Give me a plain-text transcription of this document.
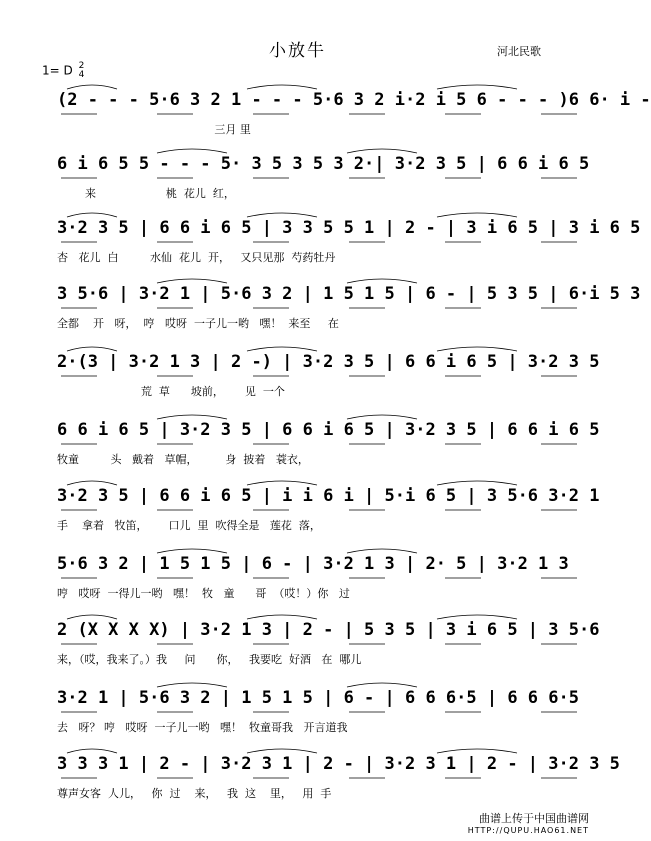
小放牛	河北民歌
1= D 2
4
(2 - - - 5·6 3 2 1 - - - 5·6 3 2 i·2 i 5 6 - - - )6 6· i -
三月 里
6 i 6 5 5 - - - 5· 3 5 3 5 3 2·| 3·2 3 5 | 6 6 i 6 5
来                    桃  花儿  红，
3·2 3 5 | 6 6 i 6 5 | 3 3 5 5 1 | 2 - | 3 i 6 5 | 3 i 6 5
杏   花儿  白         水仙  花儿  开，   又只见那  芍药牡丹
3 5·6 | 3·2 1 | 5·6 3 2 | 1 5 1 5 | 6 - | 5 3 5 | 6·i 5 3
全都    开   呀，  哼   哎呀  一子儿一哟   嘿！  来至     在
2·(3 | 3·2 1 3 | 2 -) | 3·2 3 5 | 6 6 i 6 5 | 3·2 3 5
荒  草      坡前，      见  一个
6 6 i 6 5 | 3·2 3 5 | 6 6 i 6 5 | 3·2 3 5 | 6 6 i 6 5
牧童         头   戴着   草帽，        身  披着   蓑衣，
3·2 3 5 | 6 6 i 6 5 | i i 6 i | 5·i 6 5 | 3 5·6 3·2 1
手    拿着   牧笛，      口儿  里  吹得全是   莲花  落，
5·6 3 2 | 1 5 1 5 | 6 - | 3·2 1 3 | 2· 5 | 3·2 1 3
哼   哎呀  一得儿一哟   嘿！  牧   童      哥  （哎！）你   过
2 (X X X X) | 3·2 1 3 | 2 - | 5 3 5 | 3 i 6 5 | 3 5·6
来，（哎，我来了。）我     问      你，   我要吃  好酒   在  哪儿
3·2 1 | 5·6 3 2 | 1 5 1 5 | 6 - | 6 6 6·5 | 6 6 6·5
去   呀？ 哼   哎呀  一子儿一哟   嘿！  牧童哥我   开言道我
3 3 3 1 | 2 - | 3·2 3 1 | 2 - | 3·2 3 1 | 2 - | 3·2 3 5
尊声女客  人儿，   你  过    来，   我  这    里，   用  手
曲谱上传于中国曲谱网
HTTP://QUPU.HAO61.NET
